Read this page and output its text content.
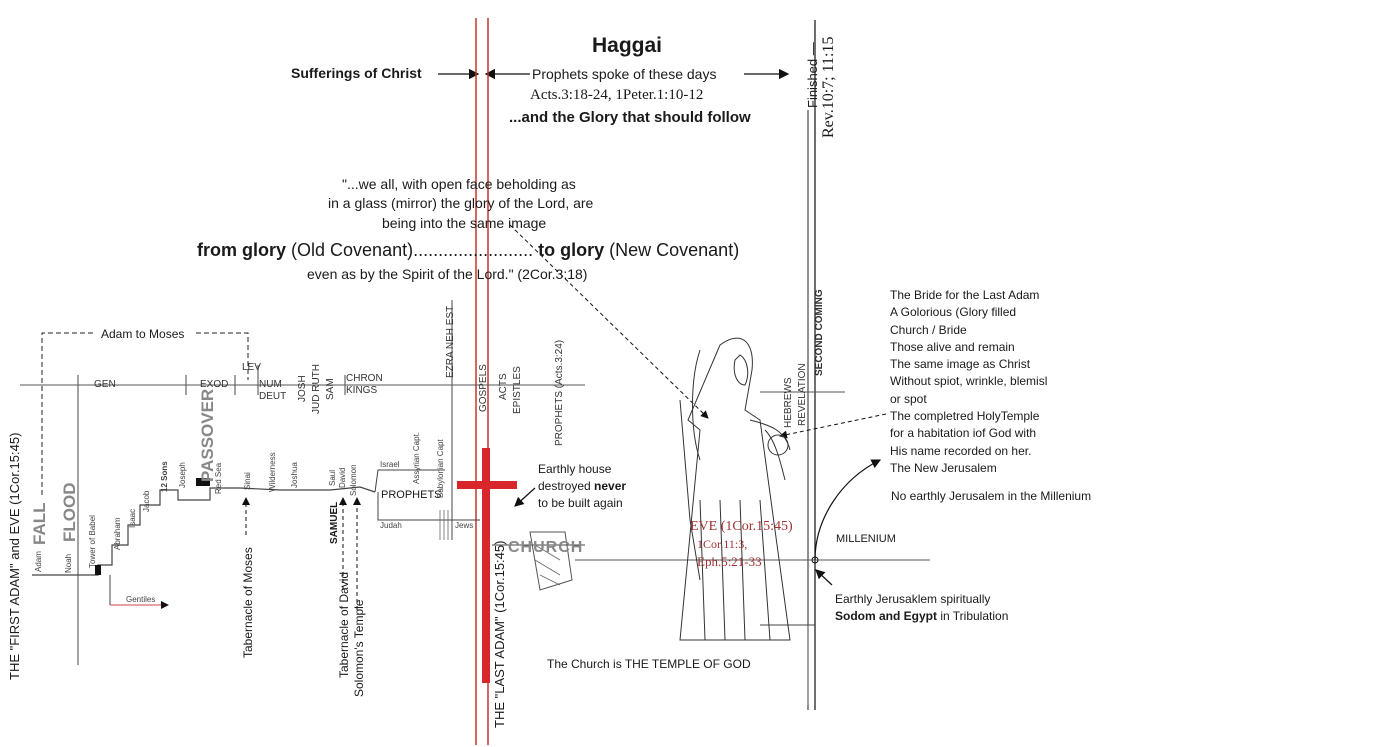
Haggai
Sufferings of Christ	Prophets spoke of these days
Acts.3:18-24, 1Peter.1:10-12
...and the Glory that should follow
Finished — Rev.10:7; 11:15
"...we all, with open face beholding as
in a glass (mirror) the glory of the Lord, are
being into the same image
from glory (Old Covenant)........................ to glory (New Covenant)
even as by the Spirit of the Lord." (2Cor.3:18)
Adam to Moses
GEN	EXOD
LEV
NUM
DEUT JOSH JUD RUTH SAM CHRON
KINGS
EZRA NEH EST
GOSPELS ACTS EPISTLES	PROPHETS (Acts.3:24)
PASSOVER
FALL FLOOD	PROPHETS
Israel
Judah	Jews
CHURCH	MILLENIUM
SECOND COMING
REVELATION
HEBREWS
Gentiles
Adam	Noah Tower of Babel Abraham Isaac
Jacob
12 Sons Joseph	Red Sea	Sinai Wilderness Joshua	Saul David Solomon	Assyrian Capt. Babylonian Capt
THE "FIRST ADAM" and EVE (1Cor.15:45)	Tabernacle of Moses
SAMUEL
Tabernacle of David Solomon's Temple
Earthly house
destroyed never
to be built again
THE "LAST ADAM" (1Cor.15:45)	The Church is THE TEMPLE OF GOD
EVE (1Cor.15:45)
1Cor.11:3,
Eph.5:21-33
The Bride for the Last Adam
A Golorious (Glory filled
Church / Bride
Those alive and remain
The same image as Christ
Without spiot, wrinkle, blemisl
or spot
The completred HolyTemple
for a habitation iof God with
His name recorded on her.
The New Jerusalem
No earthly Jerusalem in the Millenium
Earthly Jerusaklem spiritually
Sodom and Egypt in Tribulation
